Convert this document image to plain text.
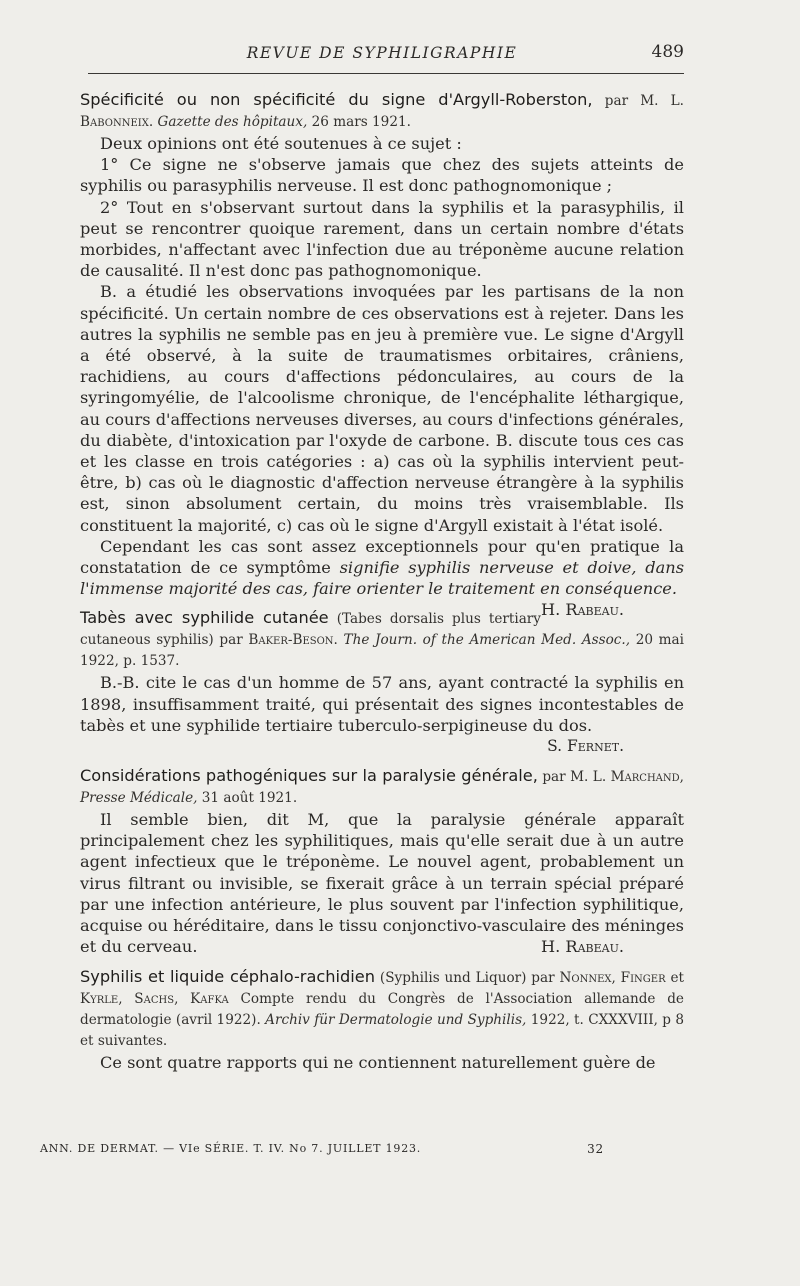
REVUE DE SYPHILIGRAPHIE	489

Spécificité ou non spécificité du signe d'Argyll-Roberston, par M. L. Babonneix. Gazette des hôpitaux, 26 mars 1921.

Deux opinions ont été soutenues à ce sujet :

1° Ce signe ne s'observe jamais que chez des sujets atteints de syphilis ou parasyphilis nerveuse. Il est donc pathognomonique ;

2° Tout en s'observant surtout dans la syphilis et la parasyphilis, il peut se rencontrer quoique rarement, dans un certain nombre d'états morbides, n'affectant avec l'infection due au tréponème aucune relation de causalité. Il n'est donc pas pathognomonique.

B. a étudié les observations invoquées par les partisans de la non spécificité. Un certain nombre de ces observations est à rejeter. Dans les autres la syphilis ne semble pas en jeu à première vue. Le signe d'Argyll a été observé, à la suite de traumatismes orbitaires, crâniens, rachidiens, au cours d'affections pédonculaires, au cours de la syringomyélie, de l'alcoolisme chronique, de l'encéphalite léthargique, au cours d'affections nerveuses diverses, au cours d'infections générales, du diabète, d'intoxication par l'oxyde de carbone. B. discute tous ces cas et les classe en trois catégories : a) cas où la syphilis intervient peut-être, b) cas où le diagnostic d'affection nerveuse étrangère à la syphilis est, sinon absolument certain, du moins très vraisemblable. Ils constituent la majorité, c) cas où le signe d'Argyll existait à l'état isolé.

Cependant les cas sont assez exceptionnels pour qu'en pratique la constatation de ce symptôme signifie syphilis nerveuse et doive, dans l'immense majorité des cas, faire orienter le traitement en conséquence.
H. Rabeau.

Tabès avec syphilide cutanée (Tabes dorsalis plus tertiary cutaneous syphilis) par Baker-Beson. The Journ. of the American Med. Assoc., 20 mai 1922, p. 1537.

B.-B. cite le cas d'un homme de 57 ans, ayant contracté la syphilis en 1898, insuffisamment traité, qui présentait des signes incontestables de tabès et une syphilide tertiaire tuberculo-serpigineuse du dos.

S. Fernet.

Considérations pathogéniques sur la paralysie générale, par M. L. Marchand, Presse Médicale, 31 août 1921.

Il semble bien, dit M, que la paralysie générale apparaît principalement chez les syphilitiques, mais qu'elle serait due à un autre agent infectieux que le tréponème. Le nouvel agent, probablement un virus filtrant ou invisible, se fixerait grâce à un terrain spécial préparé par une infection antérieure, le plus souvent par l'infection syphilitique, acquise ou héréditaire, dans le tissu conjonctivo-vasculaire des méninges et du cerveau.	H. Rabeau.

Syphilis et liquide céphalo-rachidien (Syphilis und Liquor) par Nonnex, Finger et Kyrle, Sachs, Kafka Compte rendu du Congrès de l'Association allemande de dermatologie (avril 1922). Archiv für Dermatologie und Syphilis, 1922, t. CXXXVIII, p 8 et suivantes.

Ce sont quatre rapports qui ne contiennent naturellement guère de

ANN. DE DERMAT. — VIe SÉRIE. T. IV. No 7. JUILLET 1923.	32
